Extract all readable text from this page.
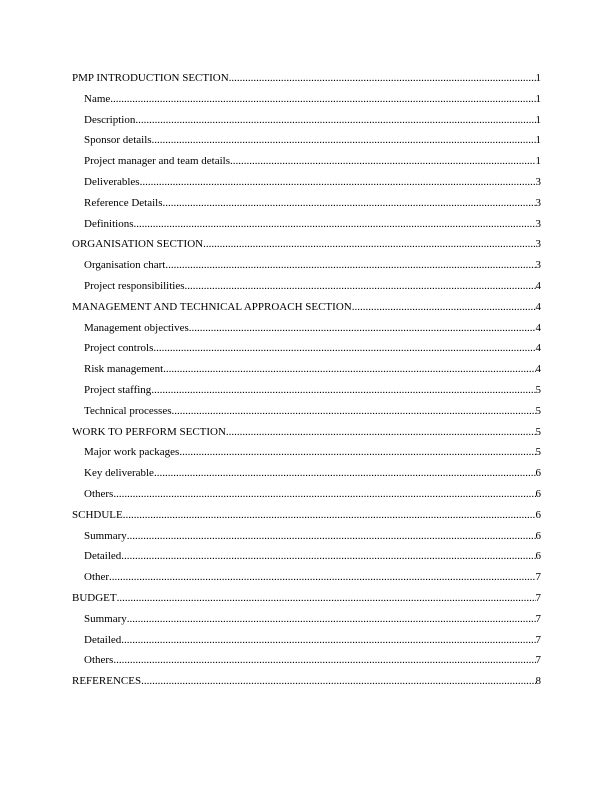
PMP INTRODUCTION SECTION .....	1
Name .....	1
Description .....	1
Sponsor details .....	1
Project manager and team details .....	1
Deliverables .....	3
Reference Details .....	3
Definitions .....	3
ORGANISATION SECTION .....	3
Organisation chart .....	3
Project responsibilities .....	4
MANAGEMENT AND TECHNICAL APPROACH SECTION .....	4
Management objectives .....	4
Project controls .....	4
Risk management .....	4
Project staffing .....	5
Technical processes .....	5
WORK TO PERFORM SECTION .....	5
Major work packages .....	5
Key deliverable .....	6
Others .....	6
SCHDULE .....	6
Summary .....	6
Detailed .....	6
Other .....	7
BUDGET .....	7
Summary .....	7
Detailed .....	7
Others .....	7
REFERENCES .....	8
